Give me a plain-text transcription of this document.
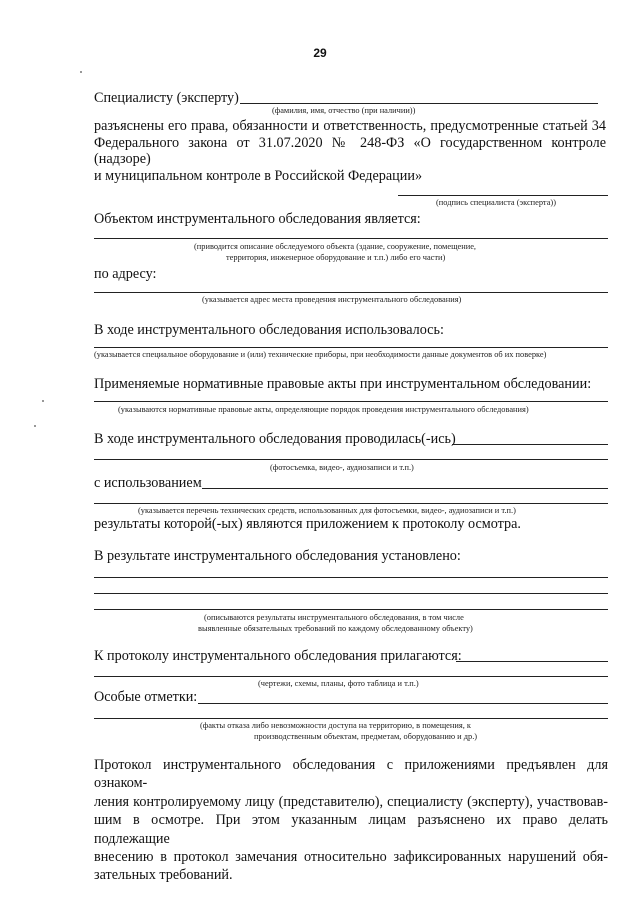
29
Специалисту (эксперту)
(фамилия, имя, отчество (при наличии))
разъяснены его права, обязанности и ответственность, предусмотренные статьей 34
Федерального закона от 31.07.2020 № 248-ФЗ «О государственном контроле (надзоре)
и муниципальном контроле в Российской Федерации»
(подпись специалиста (эксперта))
Объектом инструментального обследования является:
(приводится описание обследуемого объекта (здание, сооружение, помещение,
территория, инженерное оборудование и т.п.) либо его части)
по адресу:
(указывается адрес места проведения инструментального обследования)
В ходе инструментального обследования использовалось:
(указывается специальное оборудование и (или) технические приборы, при необходимости данные документов об их поверке)
Применяемые нормативные правовые акты при инструментальном обследовании:
(указываются нормативные правовые акты, определяющие порядок проведения инструментального обследования)
В ходе инструментального обследования проводилась(-ись)
(фотосъемка, видео-, аудиозаписи и т.п.)
с использованием
(указывается перечень технических средств, использованных для фотосъемки, видео-, аудиозаписи и т.п.)
результаты которой(-ых) являются приложением к протоколу осмотра.
В результате инструментального обследования установлено:
(описываются результаты инструментального обследования, в том числе
выявленные обязательных требований по каждому обследованному объекту)
К протоколу инструментального обследования прилагаются:
(чертежи, схемы, планы, фото таблица и т.п.)
Особые отметки:
(факты отказа либо невозможности доступа на территорию, в помещения, к
производственным объектам, предметам, оборудованию и др.)
Протокол инструментального обследования с приложениями предъявлен для ознаком-
ления контролируемому лицу (представителю), специалисту (эксперту), участвовав-
шим в осмотре. При этом указанным лицам разъяснено их право делать подлежащие
внесению в протокол замечания относительно зафиксированных нарушений обя-
зательных требований.
